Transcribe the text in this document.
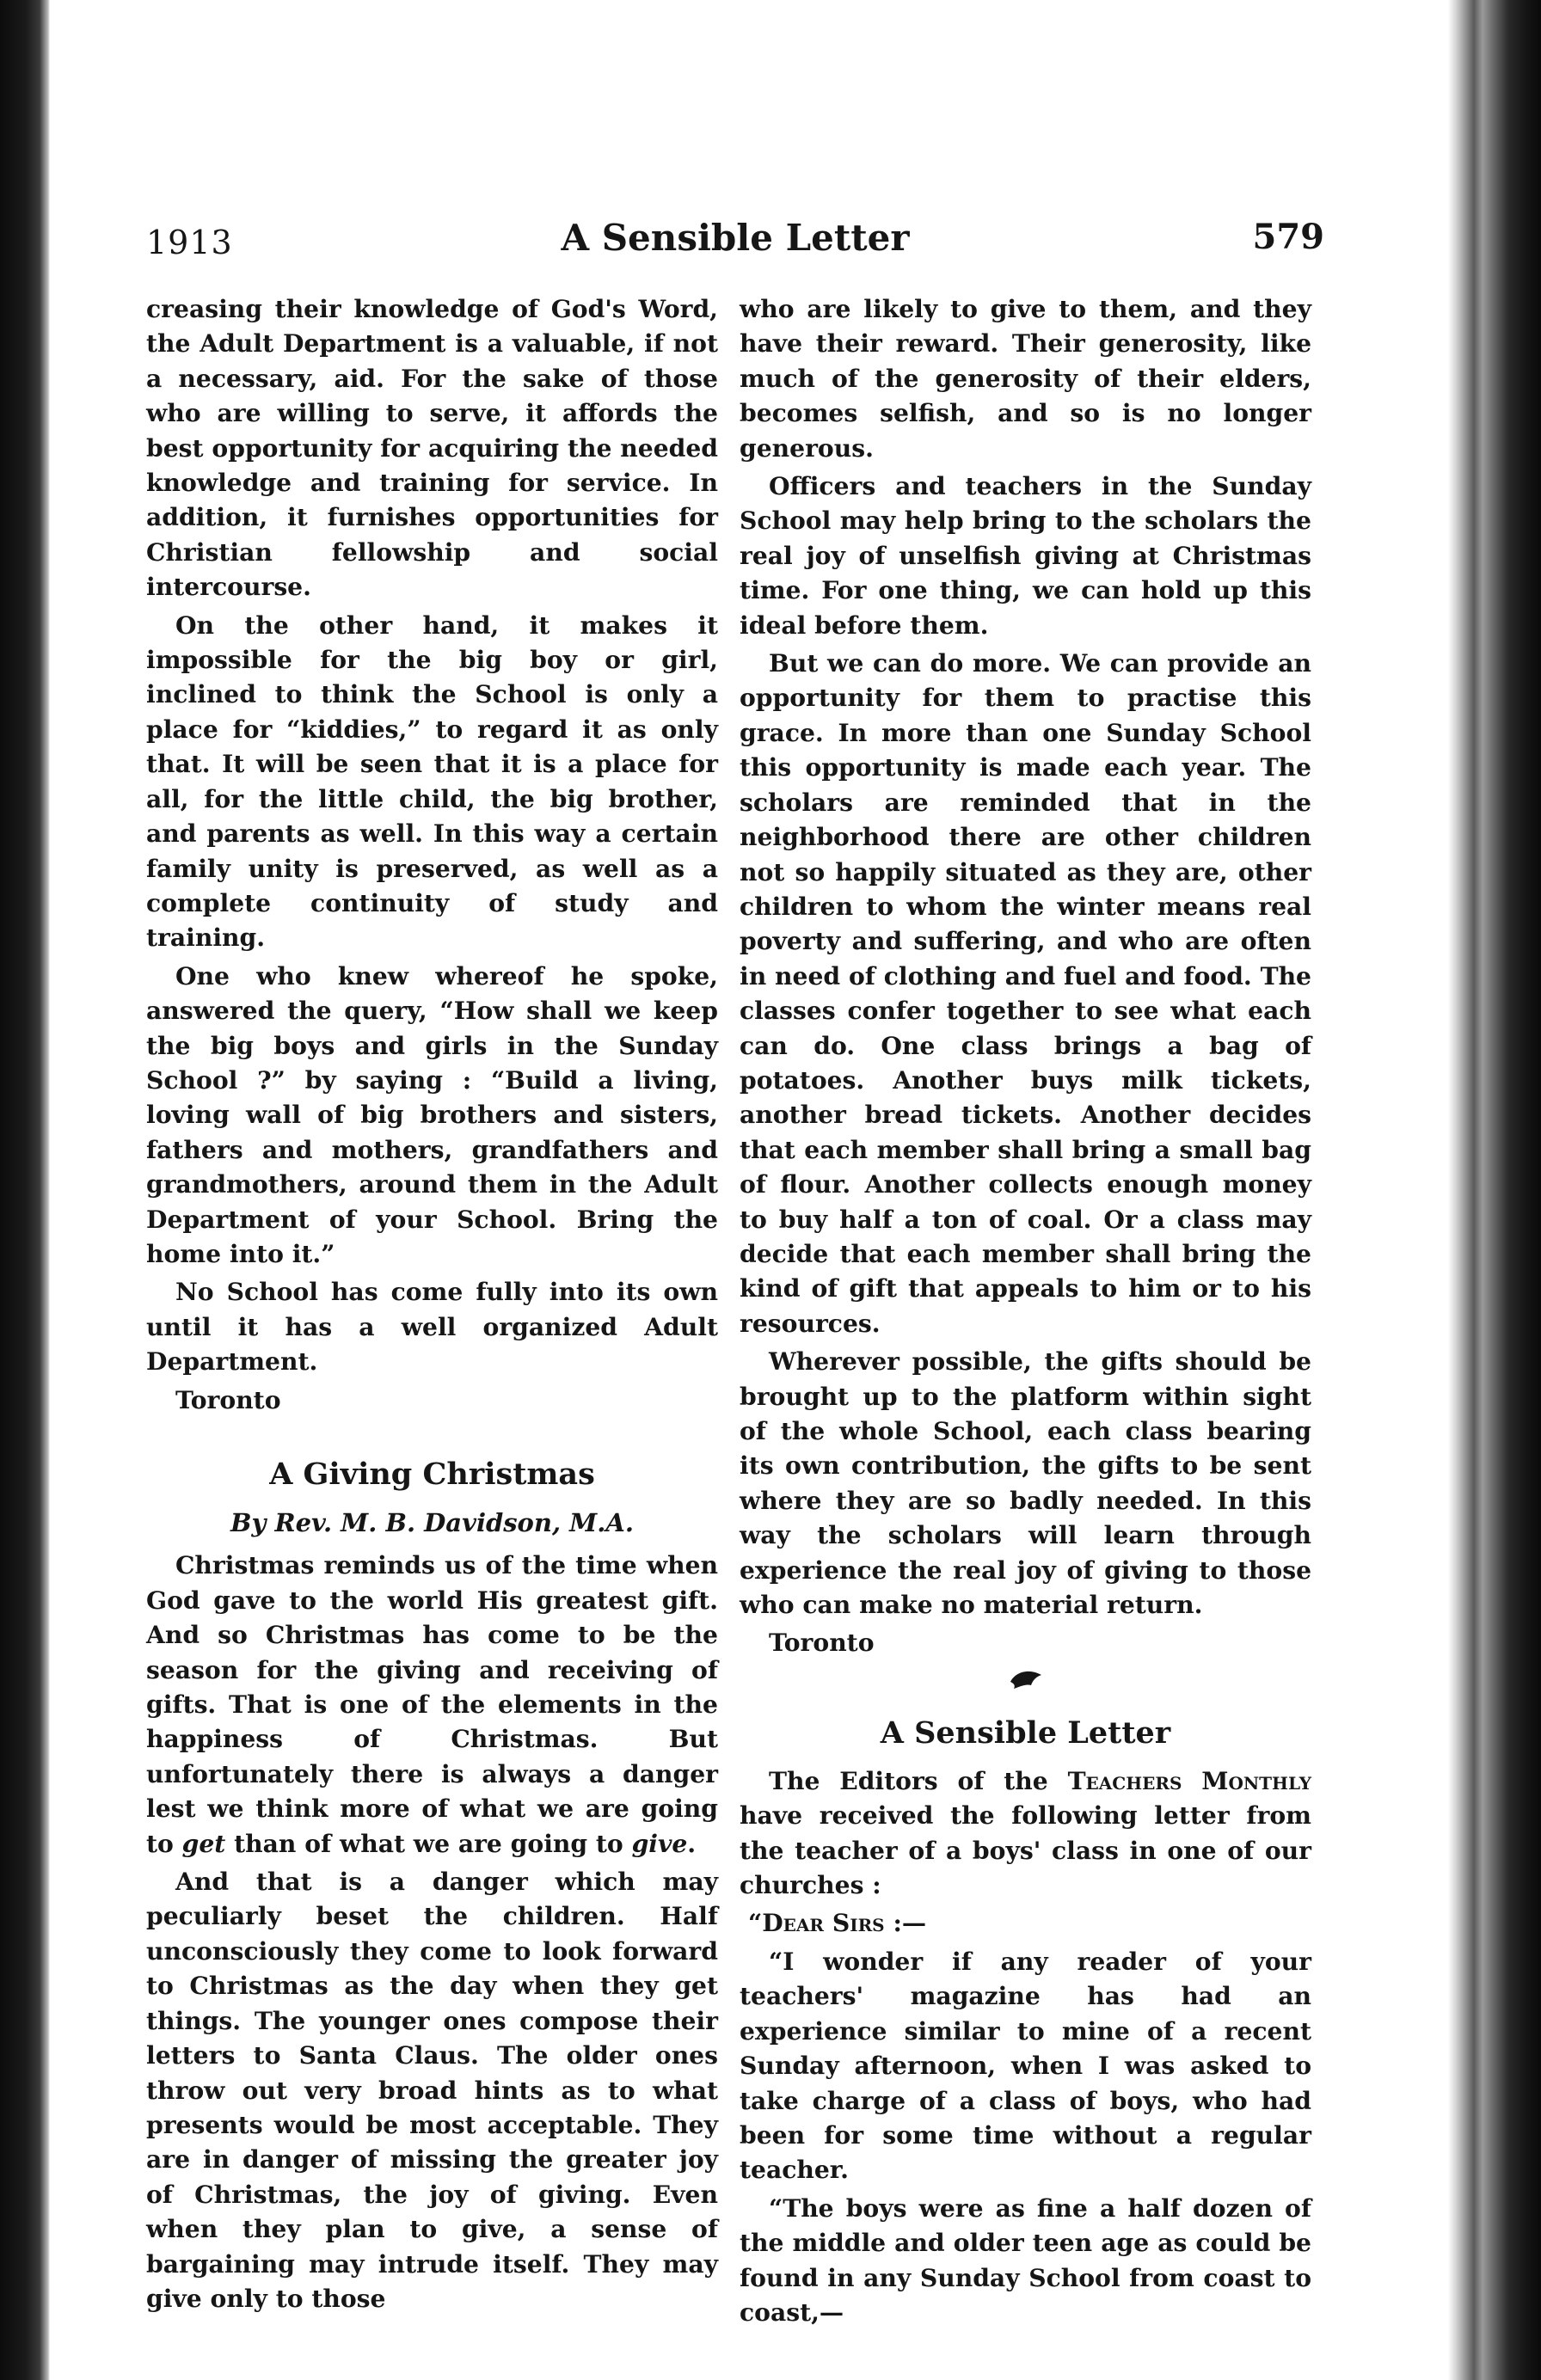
1913	A Sensible Letter	579

creasing their knowledge of God's Word, the Adult Department is a valuable, if not a necessary, aid. For the sake of those who are willing to serve, it affords the best opportunity for acquiring the needed knowledge and training for service. In addition, it furnishes opportunities for Christian fellowship and social intercourse.

On the other hand, it makes it impossible for the big boy or girl, inclined to think the School is only a place for “kiddies,” to regard it as only that. It will be seen that it is a place for all, for the little child, the big brother, and parents as well. In this way a certain family unity is preserved, as well as a complete continuity of study and training.

One who knew whereof he spoke, answered the query, “How shall we keep the big boys and girls in the Sunday School ?” by saying : “Build a living, loving wall of big brothers and sisters, fathers and mothers, grandfathers and grandmothers, around them in the Adult Department of your School. Bring the home into it.”

No School has come fully into its own until it has a well organized Adult Department.

Toronto

A Giving Christmas
By Rev. M. B. Davidson, M.A.

Christmas reminds us of the time when God gave to the world His greatest gift. And so Christmas has come to be the season for the giving and receiving of gifts. That is one of the elements in the happiness of Christmas. But unfortunately there is always a danger lest we think more of what we are going to get than of what we are going to give.

And that is a danger which may peculiarly beset the children. Half unconsciously they come to look forward to Christmas as the day when they get things. The younger ones compose their letters to Santa Claus. The older ones throw out very broad hints as to what presents would be most acceptable. They are in danger of missing the greater joy of Christmas, the joy of giving. Even when they plan to give, a sense of bargaining may intrude itself. They may give only to those

who are likely to give to them, and they have their reward. Their generosity, like much of the generosity of their elders, becomes selfish, and so is no longer generous.

Officers and teachers in the Sunday School may help bring to the scholars the real joy of unselfish giving at Christmas time. For one thing, we can hold up this ideal before them.

But we can do more. We can provide an opportunity for them to practise this grace. In more than one Sunday School this opportunity is made each year. The scholars are reminded that in the neighborhood there are other children not so happily situated as they are, other children to whom the winter means real poverty and suffering, and who are often in need of clothing and fuel and food. The classes confer together to see what each can do. One class brings a bag of potatoes. Another buys milk tickets, another bread tickets. Another decides that each member shall bring a small bag of flour. Another collects enough money to buy half a ton of coal. Or a class may decide that each member shall bring the kind of gift that appeals to him or to his resources.

Wherever possible, the gifts should be brought up to the platform within sight of the whole School, each class bearing its own contribution, the gifts to be sent where they are so badly needed. In this way the scholars will learn through experience the real joy of giving to those who can make no material return.

Toronto

A Sensible Letter

The Editors of the Teachers Monthly have received the following letter from the teacher of a boys' class in one of our churches :

“Dear Sirs :—

“I wonder if any reader of your teachers' magazine has had an experience similar to mine of a recent Sunday afternoon, when I was asked to take charge of a class of boys, who had been for some time without a regular teacher.

“The boys were as fine a half dozen of the middle and older teen age as could be found in any Sunday School from coast to coast,—
